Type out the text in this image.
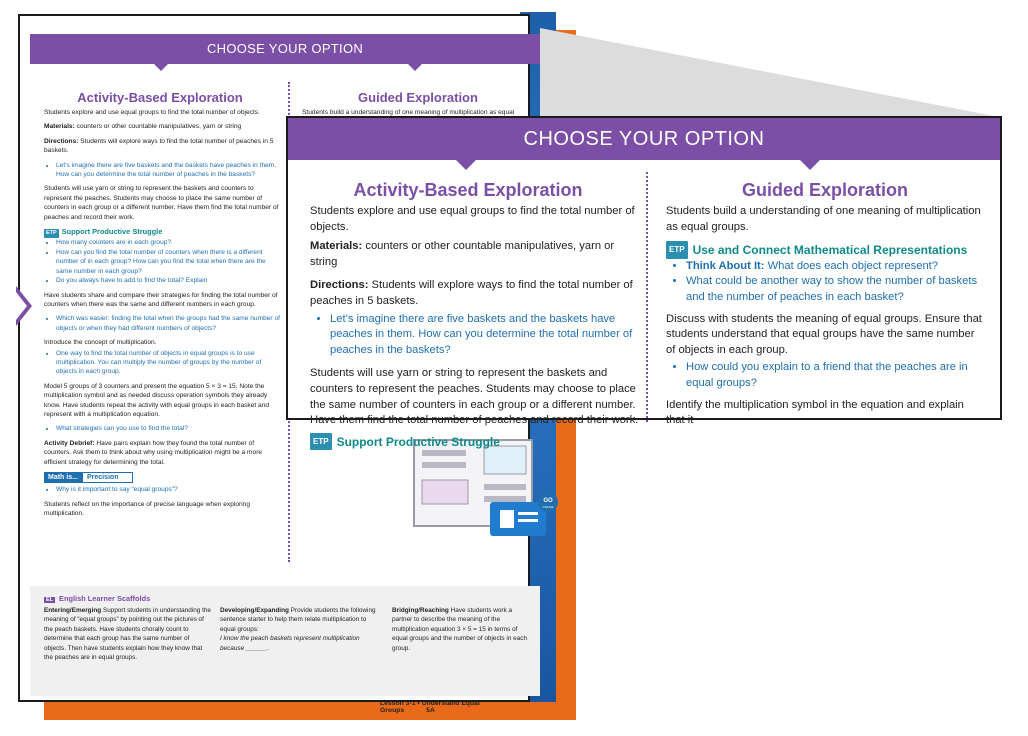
CHOOSE YOUR OPTION
Activity-Based Exploration	Guided Exploration

Students explore and use equal groups to find the total number of objects.

Materials: counters or other countable manipulatives, yarn or string

Directions: Students will explore ways to find the total number of peaches in 5 baskets.

• Let’s imagine there are five baskets and the baskets have peaches in them. How can you determine the total number of peaches in the baskets?

Students will use yarn or string to represent the baskets and counters to represent the peaches. Students may choose to place the same number of counters in each group or a different number. Have them find the total number of peaches and record their work.

ETP Support Productive Struggle
• How many counters are in each group?
• How can you find the total number of counters when there is a different number of in each group? How can you find the total when there are the same number in each group?
• Do you always have to add to find the total? Explain

Have students share and compare their strategies for finding the total number of counters when there was the same and different numbers in each group.

• Which was easier: finding the total when the groups had the same number of objects or when they had different numbers of objects?

Introduce the concept of multiplication.

• One way to find the total number of objects in equal groups is to use multiplication. You can multiply the number of groups by the number of objects in each group.

Model 5 groups of 3 counters and present the equation 5 × 3 = 15. Note the multiplication symbol and as needed discuss operation symbols they already know. Have students repeat the activity with equal groups in each basket and represent with a multiplication equation.

• What strategies can you use to find the total?

Activity Debrief: Have pairs explain how they found the total number of counters. Ask them to think about why using multiplication might be a more efficient strategy for determining the total.

Math is... Precision
• Why is it important to say “equal groups”?

Students reflect on the importance of precise language when exploring multiplication.

Students build a understanding of one meaning of multiplication as equal

GO
ONLINE
EL English Learner Scaffolds
Entering/Emerging Support students in understanding the meaning of “equal groups” by pointing out the pictures of the peach baskets. Have students chorally count to determine that each group has the same number of objects. Then have students explain how they know that the peaches are in equal groups.
Developing/Expanding Provide students the following sentence starter to help them relate multiplication to equal groups:
I know the peach baskets represent multiplication because ______.
Bridging/Reaching Have students work a partner to describe the meaning of the multiplication equation 3 × 5 = 15 in terms of equal groups and the number of objects in each group.
Lesson 3-1 • Understand Equal Groups	5A
CHOOSE YOUR OPTION
Activity-Based Exploration	Guided Exploration

Students explore and use equal groups to find the total number of objects.

Materials: counters or other countable manipulatives, yarn or string

Directions: Students will explore ways to find the total number of peaches in 5 baskets.

• Let’s imagine there are five baskets and the baskets have peaches in them. How can you determine the total number of peaches in the baskets?

Students will use yarn or string to represent the baskets and counters to represent the peaches. Students may choose to place the same number of counters in each group or a different number. Have them find the total number of peaches and record their work.

ETP Support Productive Struggle

Students build a understanding of one meaning of multiplication as equal groups.

ETP Use and Connect Mathematical Representations
• Think About It: What does each object represent?
• What could be another way to show the number of baskets and the number of peaches in each basket?

Discuss with students the meaning of equal groups. Ensure that students understand that equal groups have the same number of objects in each group.

• How could you explain to a friend that the peaches are in equal groups?

Identify the multiplication symbol in the equation and explain that it
